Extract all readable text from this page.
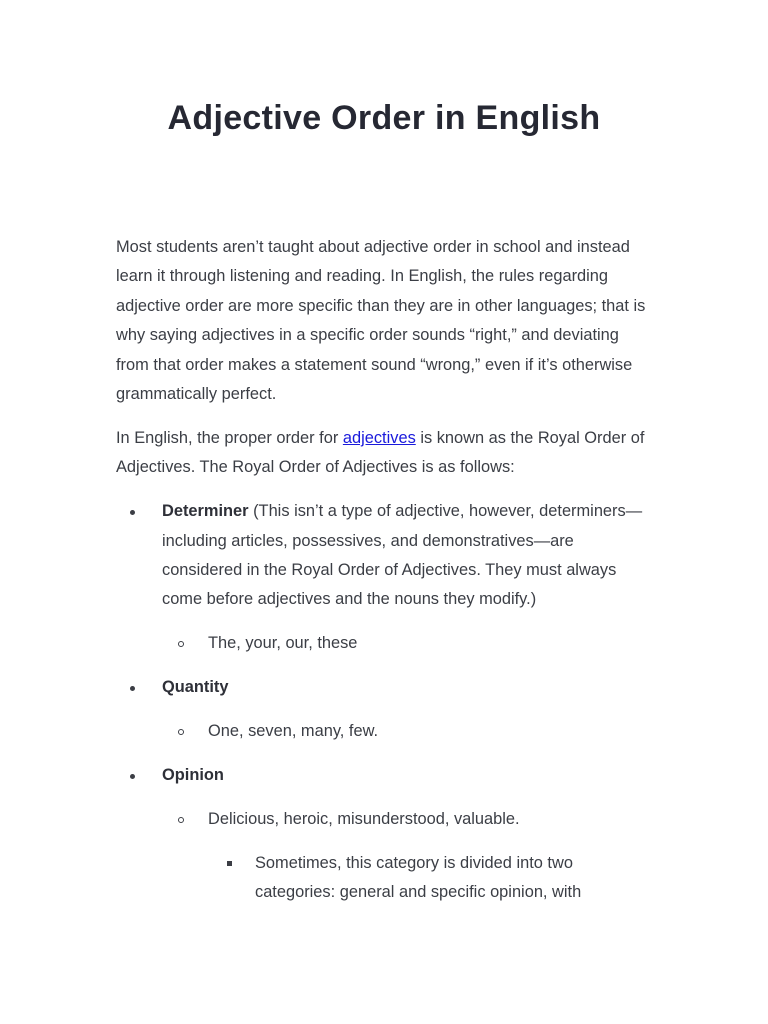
Adjective Order in English

Most students aren’t taught about adjective order in school and instead learn it through listening and reading. In English, the rules regarding adjective order are more specific than they are in other languages; that is why saying adjectives in a specific order sounds “right,” and deviating from that order makes a statement sound “wrong,” even if it’s otherwise grammatically perfect.

In English, the proper order for adjectives is known as the Royal Order of Adjectives. The Royal Order of Adjectives is as follows:

Determiner (This isn’t a type of adjective, however, determiners—including articles, possessives, and demonstratives—are considered in the Royal Order of Adjectives. They must always come before adjectives and the nouns they modify.)
The, your, our, these
Quantity
One, seven, many, few.
Opinion
Delicious, heroic, misunderstood, valuable.
Sometimes, this category is divided into two categories: general and specific opinion, with
